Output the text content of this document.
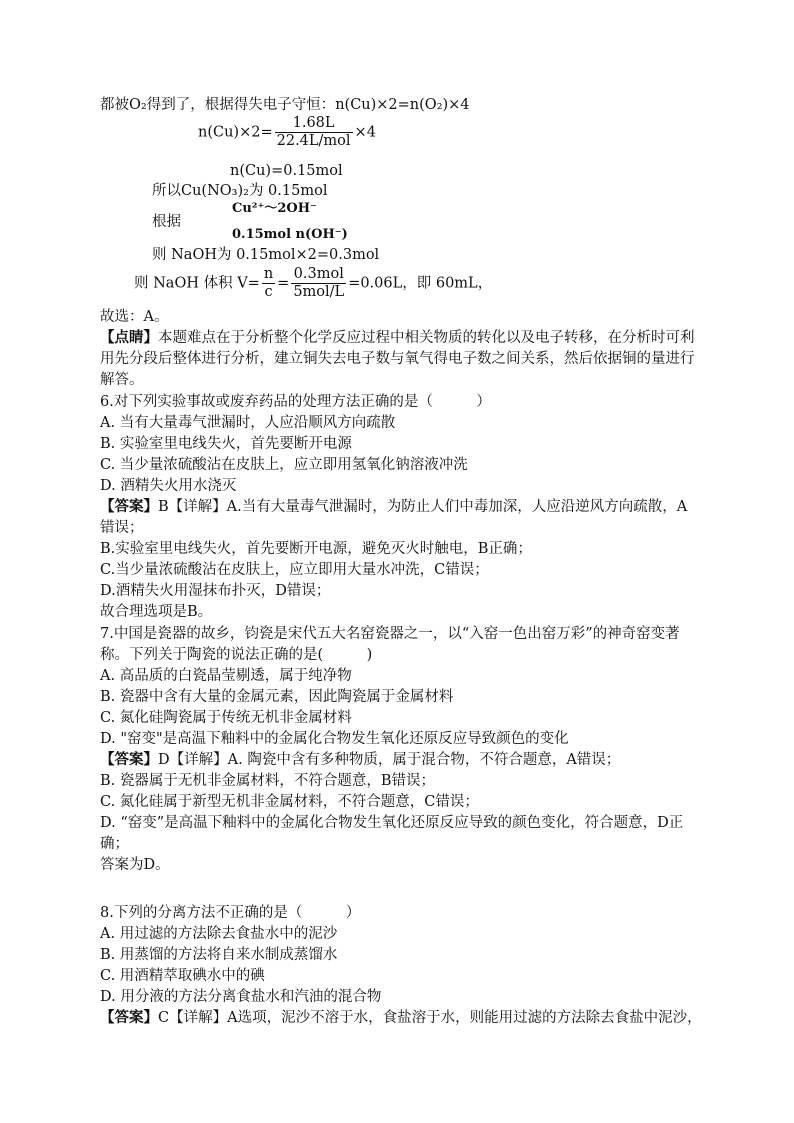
都被O₂得到了，根据得失电子守恒：n(Cu)×2=n(O₂)×4
$n(Cu)\times 2= \frac{1.68L}{\text{22.4L/mol}} \times 4$
n(Cu)=0.15mol
所以Cu(NO₃)₂为 0.15mol
Cu²⁺～2OH⁻
根据
0.15mol n(OH⁻)
则 NaOH为 0.15mol×2=0.3mol
则 NaOH 体积 $V= \frac{n}{c} = \frac{\text{0.3mol}}{\text{5mol/L}} =0.06L$，即 60mL，
故选：A。
【点睛】本题难点在于分析整个化学反应过程中相关物质的转化以及电子转移，在分析时可利
用先分段后整体进行分析，建立铜失去电子数与氧气得电子数之间关系，然后依据铜的量进行
解答。
6.对下列实验事故或废弃药品的处理方法正确的是（　　　）
A. 当有大量毒气泄漏时，人应沿顺风方向疏散
B. 实验室里电线失火，首先要断开电源
C. 当少量浓硫酸沾在皮肤上，应立即用氢氧化钠溶液冲洗
D. 酒精失火用水浇灭
【答案】B【详解】A.当有大量毒气泄漏时，为防止人们中毒加深，人应沿逆风方向疏散，A
错误；
B.实验室里电线失火，首先要断开电源，避免灭火时触电，B正确；
C.当少量浓硫酸沾在皮肤上，应立即用大量水冲洗，C错误；
D.酒精失火用湿抹布扑灭，D错误；
故合理选项是B。
7.中国是瓷器的故乡，钧瓷是宋代五大名窑瓷器之一，以“入窑一色出窑万彩”的神奇窑变著
称。下列关于陶瓷的说法正确的是(　　　)
A. 高品质的白瓷晶莹剔透，属于纯净物
B. 瓷器中含有大量的金属元素，因此陶瓷属于金属材料
C. 氮化硅陶瓷属于传统无机非金属材料
D. "窑变"是高温下釉料中的金属化合物发生氧化还原反应导致颜色的变化
【答案】D【详解】A. 陶瓷中含有多种物质，属于混合物，不符合题意，A错误；
B. 瓷器属于无机非金属材料，不符合题意，B错误；
C. 氮化硅属于新型无机非金属材料，不符合题意，C错误；
D. “窑变”是高温下釉料中的金属化合物发生氧化还原反应导致的颜色变化，符合题意，D正
确；
答案为D。
8.下列的分离方法不正确的是（　　　）
A. 用过滤的方法除去食盐水中的泥沙
B. 用蒸馏的方法将自来水制成蒸馏水
C. 用酒精萃取碘水中的碘
D. 用分液的方法分离食盐水和汽油的混合物
【答案】C【详解】A选项，泥沙不溶于水，食盐溶于水，则能用过滤的方法除去食盐中泥沙，
